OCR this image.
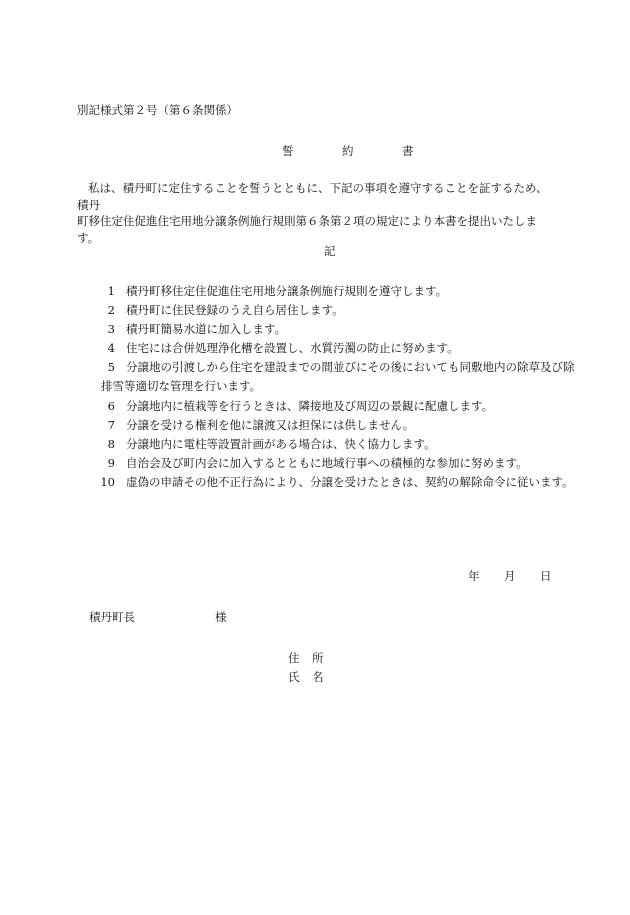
別記様式第２号（第６条関係）
誓	約	書

私は、積丹町に定住することを誓うとともに、下記の事項を遵守することを証するため、積丹

町移住定住促進住宅用地分譲条例施行規則第６条第２項の規定により本書を提出いたします。

記
1 積丹町移住定住促進住宅用地分譲条例施行規則を遵守します。
2 積丹町に住民登録のうえ自ら居住します。
3 積丹町簡易水道に加入します。
4 住宅には合併処理浄化槽を設置し、水質汚濁の防止に努めます。
5 分譲地の引渡しから住宅を建設までの間並びにその後においても同敷地内の除草及び除
排雪等適切な管理を行います。
6 分譲地内に植栽等を行うときは、隣接地及び周辺の景観に配慮します。
7 分譲を受ける権利を他に譲渡又は担保には供しません。
8 分譲地内に電柱等設置計画がある場合は、快く協力します。
9 自治会及び町内会に加入するとともに地域行事への積極的な参加に努めます。
10 虚偽の申請その他不正行為により、分譲を受けたときは、契約の解除命令に従います。
年 月 日
積丹町長	様
住 所
氏 名
